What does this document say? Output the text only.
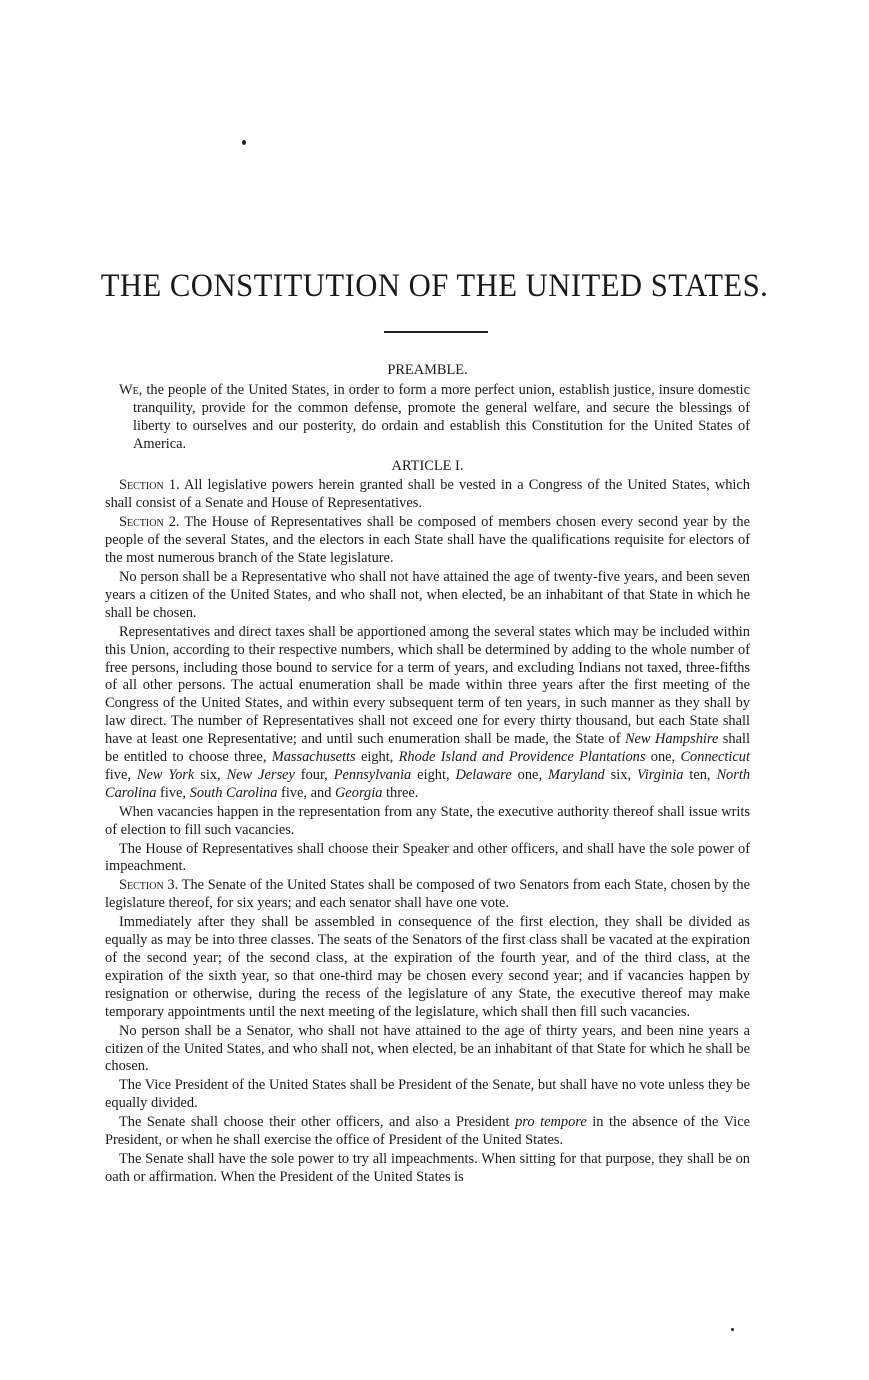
THE CONSTITUTION OF THE UNITED STATES.
PREAMBLE.

We, the people of the United States, in order to form a more perfect union, establish justice, insure domestic tranquility, provide for the common defense, promote the general welfare, and secure the blessings of liberty to ourselves and our posterity, do ordain and establish this Constitution for the United States of America.

ARTICLE I.

Section 1. All legislative powers herein granted shall be vested in a Congress of the United States, which shall consist of a Senate and House of Representatives.

Section 2. The House of Representatives shall be composed of members chosen every second year by the people of the several States, and the electors in each State shall have the qualifications requisite for electors of the most numerous branch of the State legislature.

No person shall be a Representative who shall not have attained the age of twenty-five years, and been seven years a citizen of the United States, and who shall not, when elected, be an inhabitant of that State in which he shall be chosen.

Representatives and direct taxes shall be apportioned among the several states which may be included within this Union, according to their respective numbers, which shall be determined by adding to the whole number of free persons, including those bound to service for a term of years, and excluding Indians not taxed, three-fifths of all other persons. The actual enumeration shall be made within three years after the first meeting of the Congress of the United States, and within every subsequent term of ten years, in such manner as they shall by law direct. The number of Representatives shall not exceed one for every thirty thousand, but each State shall have at least one Representative; and until such enumeration shall be made, the State of New Hampshire shall be entitled to choose three, Massachusetts eight, Rhode Island and Providence Plantations one, Connecticut five, New York six, New Jersey four, Pennsylvania eight, Delaware one, Maryland six, Virginia ten, North Carolina five, South Carolina five, and Georgia three.

When vacancies happen in the representation from any State, the executive authority thereof shall issue writs of election to fill such vacancies.

The House of Representatives shall choose their Speaker and other officers, and shall have the sole power of impeachment.

Section 3. The Senate of the United States shall be composed of two Senators from each State, chosen by the legislature thereof, for six years; and each senator shall have one vote.

Immediately after they shall be assembled in consequence of the first election, they shall be divided as equally as may be into three classes. The seats of the Senators of the first class shall be vacated at the expiration of the second year; of the second class, at the expiration of the fourth year, and of the third class, at the expiration of the sixth year, so that one-third may be chosen every second year; and if vacancies happen by resignation or otherwise, during the recess of the legislature of any State, the executive thereof may make temporary appointments until the next meeting of the legislature, which shall then fill such vacancies.

No person shall be a Senator, who shall not have attained to the age of thirty years, and been nine years a citizen of the United States, and who shall not, when elected, be an inhabitant of that State for which he shall be chosen.

The Vice President of the United States shall be President of the Senate, but shall have no vote unless they be equally divided.

The Senate shall choose their other officers, and also a President pro tempore in the absence of the Vice President, or when he shall exercise the office of President of the United States.

The Senate shall have the sole power to try all impeachments. When sitting for that purpose, they shall be on oath or affirmation. When the President of the United States is
